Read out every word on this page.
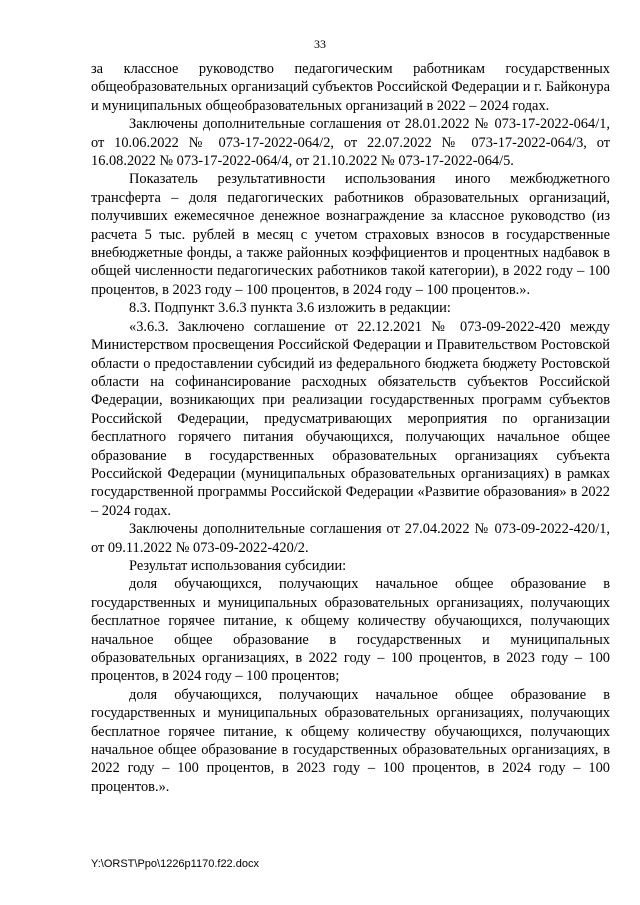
33

за классное руководство педагогическим работникам государственных общеобразовательных организаций субъектов Российской Федерации и г. Байконура и муниципальных общеобразовательных организаций в 2022 – 2024 годах.

Заключены дополнительные соглашения от 28.01.2022 № 073-17-2022-064/1, от 10.06.2022 № 073-17-2022-064/2, от 22.07.2022 № 073-17-2022-064/3, от 16.08.2022 № 073-17-2022-064/4, от 21.10.2022 № 073-17-2022-064/5.

Показатель результативности использования иного межбюджетного трансферта – доля педагогических работников образовательных организаций, получивших ежемесячное денежное вознаграждение за классное руководство (из расчета 5 тыс. рублей в месяц с учетом страховых взносов в государственные внебюджетные фонды, а также районных коэффициентов и процентных надбавок в общей численности педагогических работников такой категории), в 2022 году – 100 процентов, в 2023 году – 100 процентов, в 2024 году – 100 процентов.».

8.3. Подпункт 3.6.3 пункта 3.6 изложить в редакции:

«3.6.3. Заключено соглашение от 22.12.2021 № 073-09-2022-420 между Министерством просвещения Российской Федерации и Правительством Ростовской области о предоставлении субсидий из федерального бюджета бюджету Ростовской области на софинансирование расходных обязательств субъектов Российской Федерации, возникающих при реализации государственных программ субъектов Российской Федерации, предусматривающих мероприятия по организации бесплатного горячего питания обучающихся, получающих начальное общее образование в государственных образовательных организациях субъекта Российской Федерации (муниципальных образовательных организациях) в рамках государственной программы Российской Федерации «Развитие образования» в 2022 – 2024 годах.

Заключены дополнительные соглашения от 27.04.2022 № 073-09-2022-420/1, от 09.11.2022 № 073-09-2022-420/2.

Результат использования субсидии:

доля обучающихся, получающих начальное общее образование в государственных и муниципальных образовательных организациях, получающих бесплатное горячее питание, к общему количеству обучающихся, получающих начальное общее образование в государственных и муниципальных образовательных организациях, в 2022 году – 100 процентов, в 2023 году – 100 процентов, в 2024 году – 100 процентов;

доля обучающихся, получающих начальное общее образование в государственных и муниципальных образовательных организациях, получающих бесплатное горячее питание, к общему количеству обучающихся, получающих начальное общее образование в государственных образовательных организациях, в 2022 году – 100 процентов, в 2023 году – 100 процентов, в 2024 году – 100 процентов.».

Y:\ORST\Ppo\1226p1170.f22.docx
